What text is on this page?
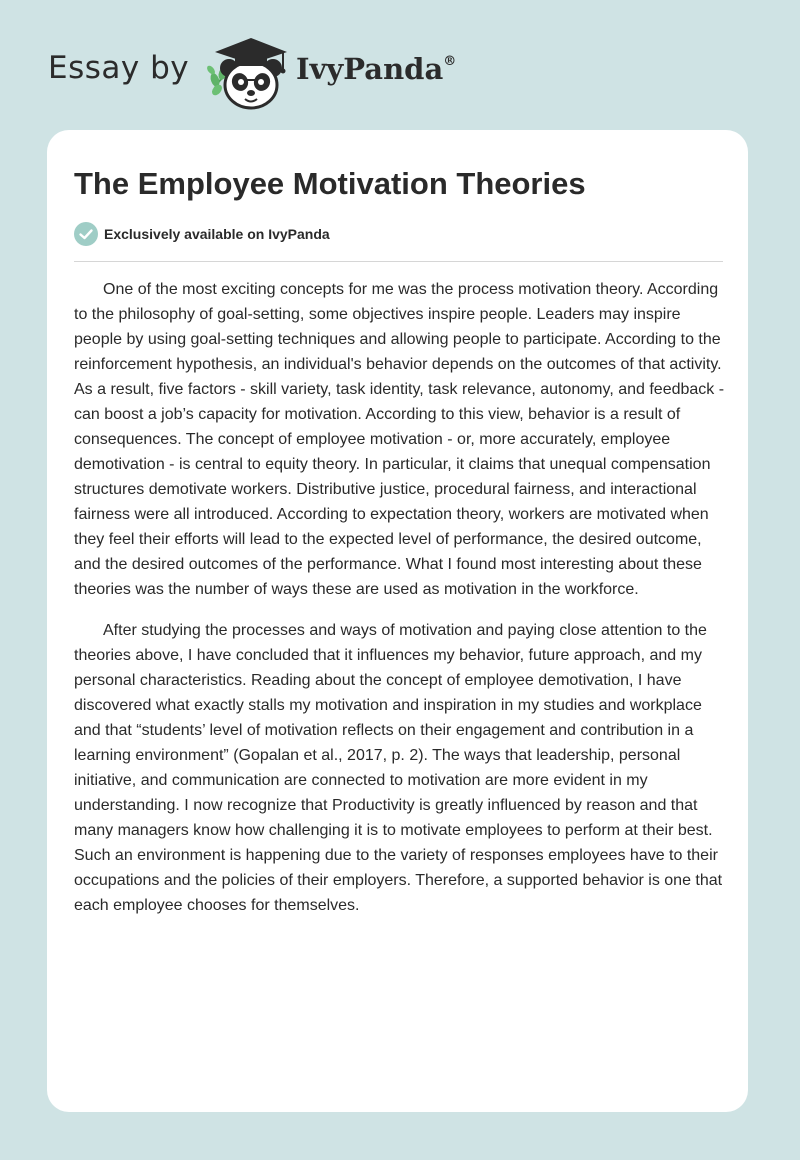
Essay by	IvyPanda®
The Employee Motivation Theories
Exclusively available on IvyPanda

One of the most exciting concepts for me was the process motivation theory. According to the philosophy of goal-setting, some objectives inspire people. Leaders may inspire people by using goal-setting techniques and allowing people to participate. According to the reinforcement hypothesis, an individual's behavior depends on the outcomes of that activity. As a result, five factors - skill variety, task identity, task relevance, autonomy, and feedback - can boost a job’s capacity for motivation. According to this view, behavior is a result of consequences. The concept of employee motivation - or, more accurately, employee demotivation - is central to equity theory. In particular, it claims that unequal compensation structures demotivate workers. Distributive justice, procedural fairness, and interactional fairness were all introduced. According to expectation theory, workers are motivated when they feel their efforts will lead to the expected level of performance, the desired outcome, and the desired outcomes of the performance. What I found most interesting about these theories was the number of ways these are used as motivation in the workforce.

After studying the processes and ways of motivation and paying close attention to the theories above, I have concluded that it influences my behavior, future approach, and my personal characteristics. Reading about the concept of employee demotivation, I have discovered what exactly stalls my motivation and inspiration in my studies and workplace and that “students’ level of motivation reflects on their engagement and contribution in a learning environment” (Gopalan et al., 2017, p. 2). The ways that leadership, personal initiative, and communication are connected to motivation are more evident in my understanding. I now recognize that Productivity is greatly influenced by reason and that many managers know how challenging it is to motivate employees to perform at their best. Such an environment is happening due to the variety of responses employees have to their occupations and the policies of their employers. Therefore, a supported behavior is one that each employee chooses for themselves.
